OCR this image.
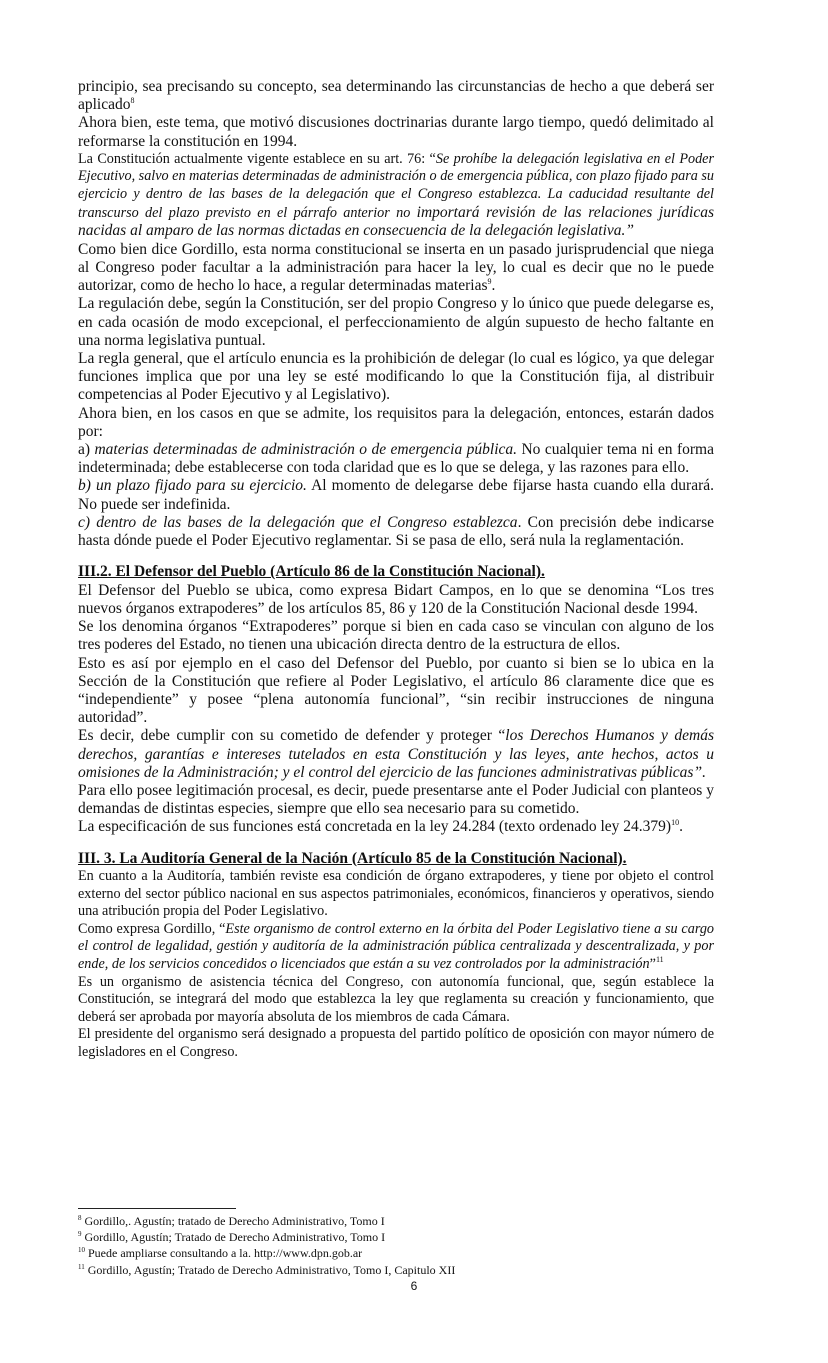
principio, sea precisando su concepto, sea determinando las circunstancias de hecho a que deberá ser aplicado$^8$

Ahora bien, este tema, que motivó discusiones doctrinarias durante largo tiempo, quedó delimitado al reformarse la constitución en 1994.

La Constitución actualmente vigente establece en su art. 76: “Se prohíbe la delegación legislativa en el Poder Ejecutivo, salvo en materias determinadas de administración o de emergencia pública, con plazo fijado para su ejercicio y dentro de las bases de la delegación que el Congreso establezca. La caducidad resultante del transcurso del plazo previsto en el párrafo anterior no importará revisión de las relaciones jurídicas nacidas al amparo de las normas dictadas en consecuencia de la delegación legislativa.”

Como bien dice Gordillo, esta norma constitucional se inserta en un pasado jurisprudencial que niega al Congreso poder facultar a la administración para hacer la ley, lo cual es decir que no le puede autorizar, como de hecho lo hace, a regular determinadas materias$^9$.

La regulación debe, según la Constitución, ser del propio Congreso y lo único que puede delegarse es, en cada ocasión de modo excepcional, el perfeccionamiento de algún supuesto de hecho faltante en una norma legislativa puntual.

La regla general, que el artículo enuncia es la prohibición de delegar (lo cual es lógico, ya que delegar funciones implica que por una ley se esté modificando lo que la Constitución fija, al distribuir competencias al Poder Ejecutivo y al Legislativo).

Ahora bien, en los casos en que se admite, los requisitos para la delegación, entonces, estarán dados por:

a) materias determinadas de administración o de emergencia pública. No cualquier tema ni en forma indeterminada; debe establecerse con toda claridad que es lo que se delega, y las razones para ello.

b) un plazo fijado para su ejercicio. Al momento de delegarse debe fijarse hasta cuando ella durará. No puede ser indefinida.

c) dentro de las bases de la delegación que el Congreso establezca. Con precisión debe indicarse hasta dónde puede el Poder Ejecutivo reglamentar. Si se pasa de ello, será nula la reglamentación.

III.2. El Defensor del Pueblo (Artículo 86 de la Constitución Nacional).

El Defensor del Pueblo se ubica, como expresa Bidart Campos, en lo que se denomina “Los tres nuevos órganos extrapoderes” de los artículos 85, 86 y 120 de la Constitución Nacional desde 1994.

Se los denomina órganos “Extrapoderes” porque si bien en cada caso se vinculan con alguno de los tres poderes del Estado, no tienen una ubicación directa dentro de la estructura de ellos.

Esto es así por ejemplo en el caso del Defensor del Pueblo, por cuanto si bien se lo ubica en la Sección de la Constitución que refiere al Poder Legislativo, el artículo 86 claramente dice que es “independiente” y posee “plena autonomía funcional”, “sin recibir instrucciones de ninguna autoridad”.

Es decir, debe cumplir con su cometido de defender y proteger “los Derechos Humanos y demás derechos, garantías e intereses tutelados en esta Constitución y las leyes, ante hechos, actos u omisiones de la Administración; y el control del ejercicio de las funciones administrativas públicas”.

Para ello posee legitimación procesal, es decir, puede presentarse ante el Poder Judicial con planteos y demandas de distintas especies, siempre que ello sea necesario para su cometido.

La especificación de sus funciones está concretada en la ley 24.284 (texto ordenado ley 24.379)$^{10}$.

III. 3. La Auditoría General de la Nación (Artículo 85 de la Constitución Nacional).

En cuanto a la Auditoría, también reviste esa condición de órgano extrapoderes, y tiene por objeto el control externo del sector público nacional en sus aspectos patrimoniales, económicos, financieros y operativos, siendo una atribución propia del Poder Legislativo.

Como expresa Gordillo, “Este organismo de control externo en la órbita del Poder Legislativo tiene a su cargo el control de legalidad, gestión y auditoría de la administración pública centralizada y descentralizada, y por ende, de los servicios concedidos o licenciados que están a su vez controlados por la administración”$^{11}$

Es un organismo de asistencia técnica del Congreso, con autonomía funcional, que, según establece la Constitución, se integrará del modo que establezca la ley que reglamenta su creación y funcionamiento, que deberá ser aprobada por mayoría absoluta de los miembros de cada Cámara.

El presidente del organismo será designado a propuesta del partido político de oposición con mayor número de legisladores en el Congreso.

$^8$ Gordillo,. Agustín; tratado de Derecho Administrativo, Tomo I
$^9$ Gordillo, Agustín; Tratado de Derecho Administrativo, Tomo I
$^{10}$ Puede ampliarse consultando a la. http://www.dpn.gob.ar
$^{11}$ Gordillo, Agustín; Tratado de Derecho Administrativo, Tomo I, Capitulo XII
6
